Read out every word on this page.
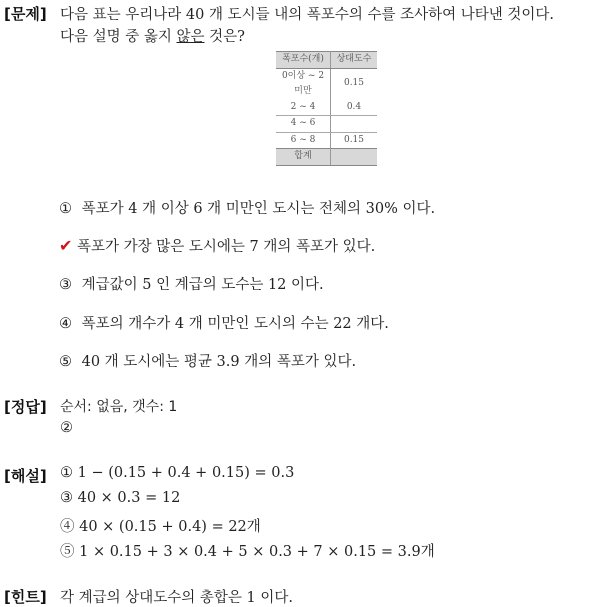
[문제] 다음 표는 우리나라 40 개 도시들 내의 폭포수의 수를 조사하여 나타낸 것이다.
다음 설명 중 옳지 않은 것은?
폭포수(개)	상대도수
0이상 ~ 2미만	0.15
2 ~ 4	0.4
4 ~ 6	
6 ~ 8	0.15
합계	
① 폭포가 4 개 이상 6 개 미만인 도시는 전체의 30% 이다.
✔ 폭포가 가장 많은 도시에는 7 개의 폭포가 있다.
③ 계급값이 5 인 계급의 도수는 12 이다.
④ 폭포의 개수가 4 개 미만인 도시의 수는 22 개다.
⑤ 40 개 도시에는 평균 3.9 개의 폭포가 있다.
[정답] 순서: 없음, 갯수: 1
②
[해설] ① 1 − (0.15 + 0.4 + 0.15) = 0.3
③ 40 × 0.3 = 12
④ 40 × (0.15 + 0.4) = 22개
⑤ 1 × 0.15 + 3 × 0.4 + 5 × 0.3 + 7 × 0.15 = 3.9개
[힌트] 각 계급의 상대도수의 총합은 1 이다.
